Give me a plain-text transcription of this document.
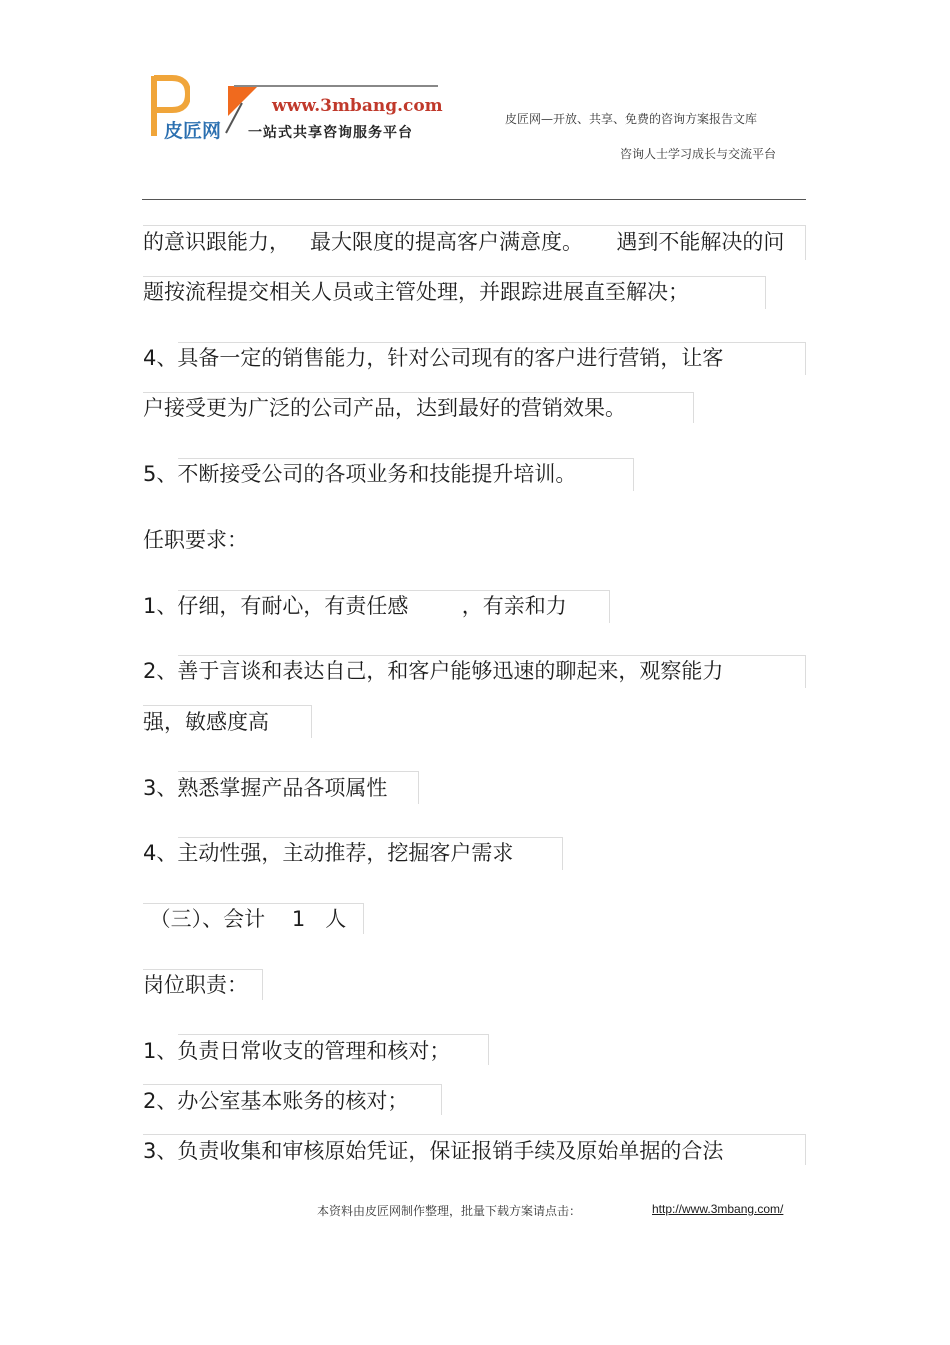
皮匠网
www.3mbang.com
一站式共享咨询服务平台
皮匠网—开放、共享、免费的咨询方案报告文库
咨询人士学习成长与交流平台
的意识跟能力，   最大限度的提高客户满意度。     遇到不能解决的问
题按流程提交相关人员或主管处理，并跟踪进展直至解决；
4、具备一定的销售能力，针对公司现有的客户进行营销，让客
户接受更为广泛的公司产品，达到最好的营销效果。
5、不断接受公司的各项业务和技能提升培训。
任职要求：
1、仔细，有耐心，有责任感        ，有亲和力
2、善于言谈和表达自己，和客户能够迅速的聊起来，观察能力
强，敏感度高
3、熟悉掌握产品各项属性
4、主动性强，主动推荐，挖掘客户需求
（三）、会计    1   人
岗位职责：
1、负责日常收支的管理和核对；
2、办公室基本账务的核对；
3、负责收集和审核原始凭证，保证报销手续及原始单据的合法
本资料由皮匠网制作整理，批量下载方案请点击：	http://www.3mbang.com/
